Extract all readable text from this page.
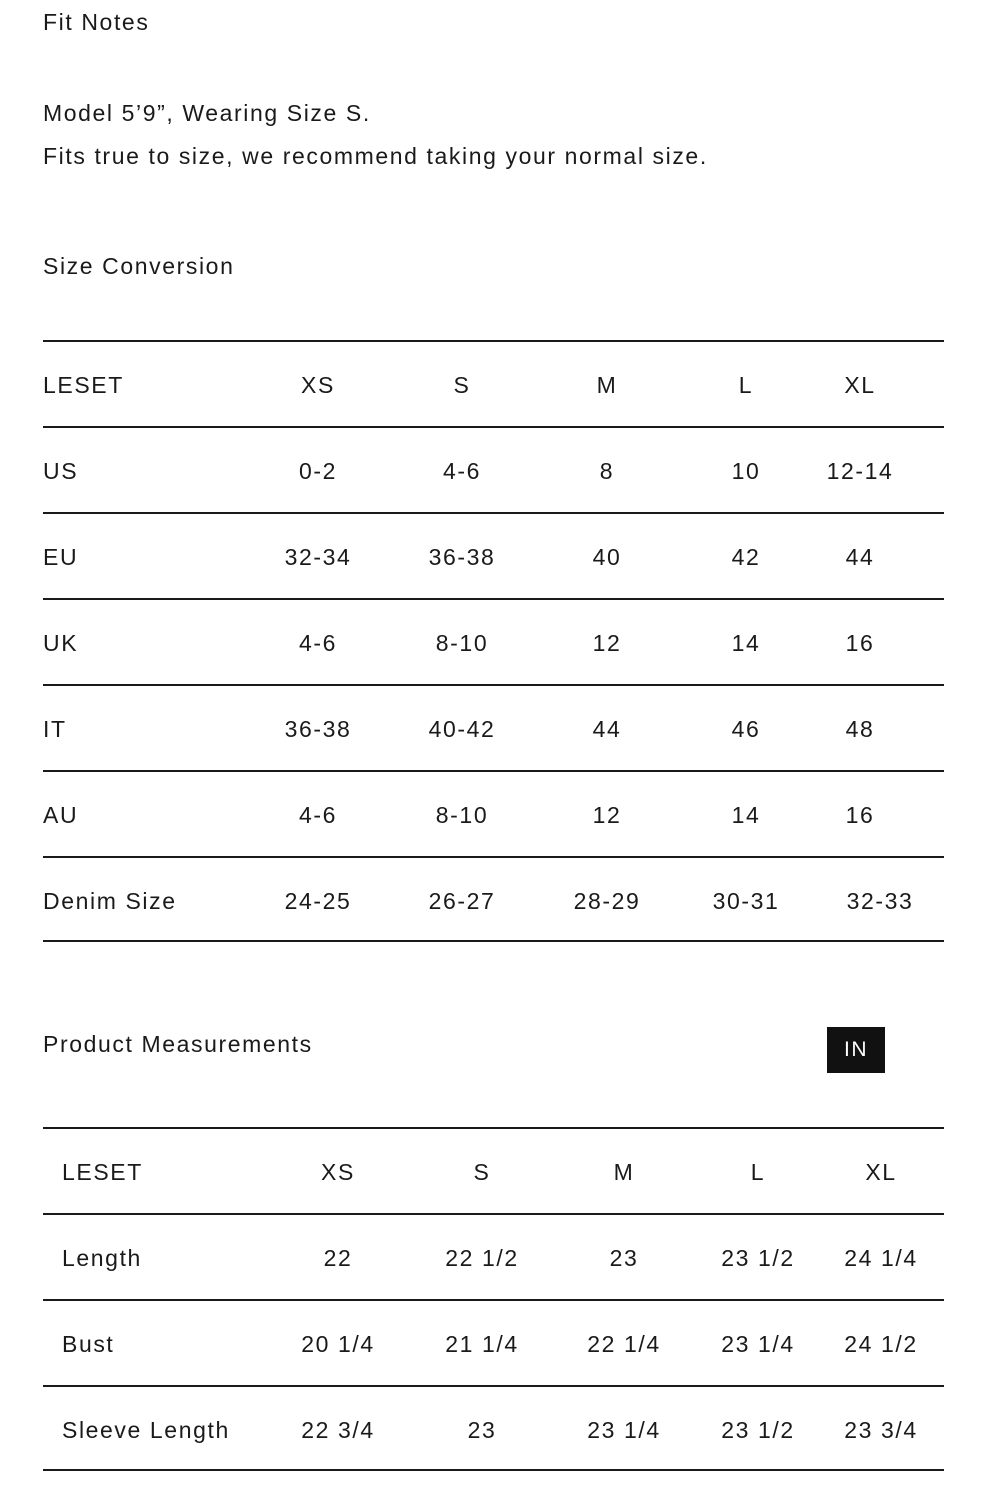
Fit Notes
Model 5’9”, Wearing Size S.
Fits true to size, we recommend taking your normal size.
Size Conversion
LESET	XS	S	M	L	XL
US	0-2	4-6	8	10	12-14
EU	32-34	36-38	40	42	44
UK	4-6	8-10	12	14	16
IT	36-38	40-42	44	46	48
AU	4-6	8-10	12	14	16
Denim Size	24-25	26-27	28-29	30-31	32-33
Product Measurements	IN
LESET	XS	S	M	L	XL
Length	22	22 1/2	23	23 1/2	24 1/4
Bust	20 1/4	21 1/4	22 1/4	23 1/4	24 1/2
Sleeve Length	22 3/4	23	23 1/4	23 1/2	23 3/4
